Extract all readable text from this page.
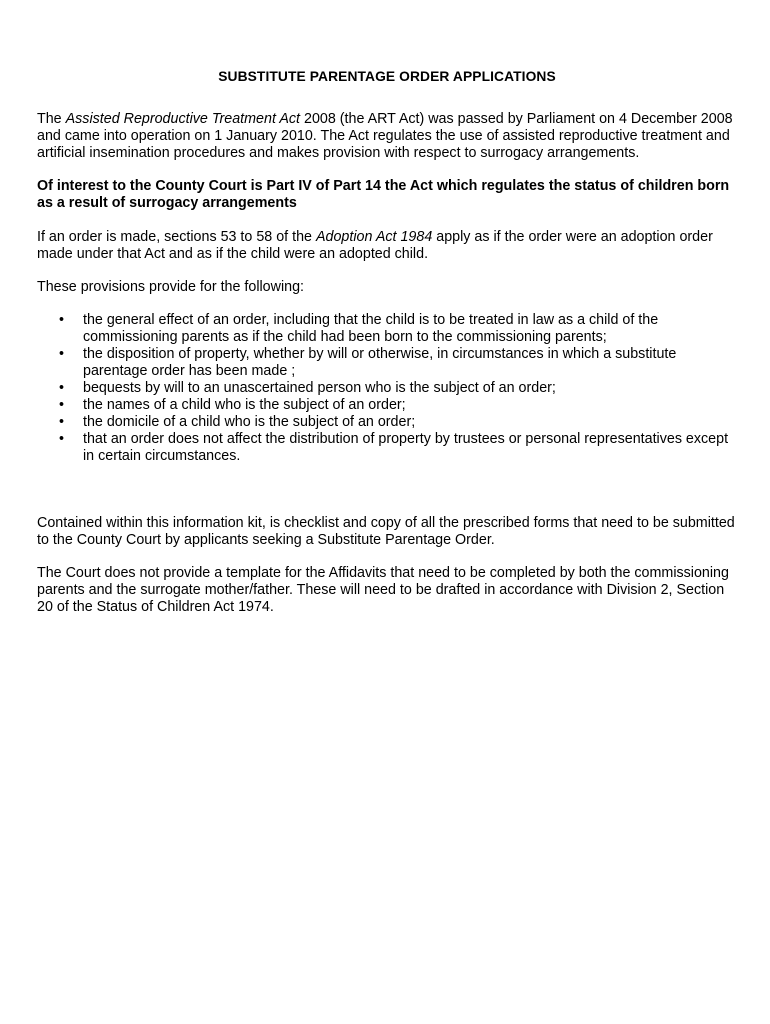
SUBSTITUTE PARENTAGE ORDER APPLICATIONS

The Assisted Reproductive Treatment Act 2008 (the ART Act) was passed by Parliament on 4 December 2008 and came into operation on 1 January 2010. The Act regulates the use of assisted reproductive treatment and artificial insemination procedures and makes provision with respect to surrogacy arrangements.

Of interest to the County Court is Part IV of Part 14 the Act which regulates the status of children born as a result of surrogacy arrangements

If an order is made, sections 53 to 58 of the Adoption Act 1984 apply as if the order were an adoption order made under that Act and as if the child were an adopted child.

These provisions provide for the following:

• the general effect of an order, including that the child is to be treated in law as a child of the commissioning parents as if the child had been born to the commissioning parents;
• the disposition of property, whether by will or otherwise, in circumstances in which a substitute parentage order has been made ;
• bequests by will to an unascertained person who is the subject of an order;
• the names of a child who is the subject of an order;
• the domicile of a child who is the subject of an order;
• that an order does not affect the distribution of property by trustees or personal representatives except in certain circumstances.

Contained within this information kit, is checklist and copy of all the prescribed forms that need to be submitted to the County Court by applicants seeking a Substitute Parentage Order.

The Court does not provide a template for the Affidavits that need to be completed by both the commissioning parents and the surrogate mother/father. These will need to be drafted in accordance with Division 2, Section 20 of the Status of Children Act 1974.
